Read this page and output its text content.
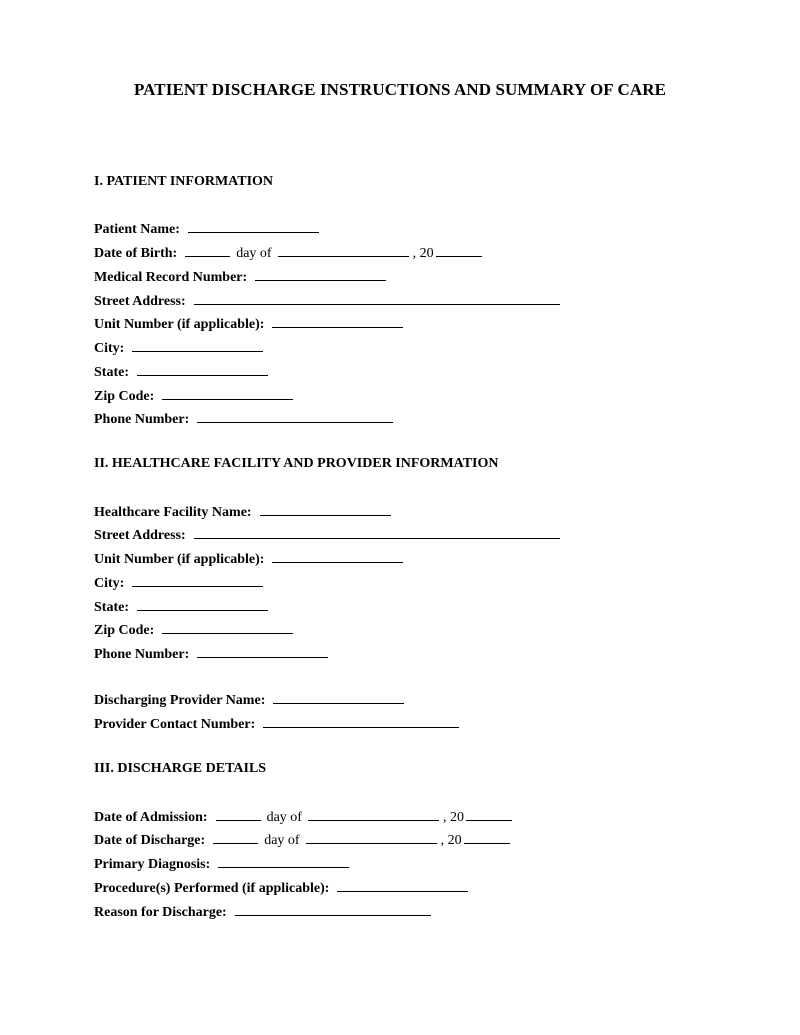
PATIENT DISCHARGE INSTRUCTIONS AND SUMMARY OF CARE
I. PATIENT INFORMATION
Patient Name:
Date of Birth:	day of	, 20
Medical Record Number:
Street Address:
Unit Number (if applicable):
City:
State:
Zip Code:
Phone Number:
II. HEALTHCARE FACILITY AND PROVIDER INFORMATION
Healthcare Facility Name:
Street Address:
Unit Number (if applicable):
City:
State:
Zip Code:
Phone Number:
Discharging Provider Name:
Provider Contact Number:
III. DISCHARGE DETAILS
Date of Admission:	day of	, 20
Date of Discharge:	day of	, 20
Primary Diagnosis:
Procedure(s) Performed (if applicable):
Reason for Discharge:
